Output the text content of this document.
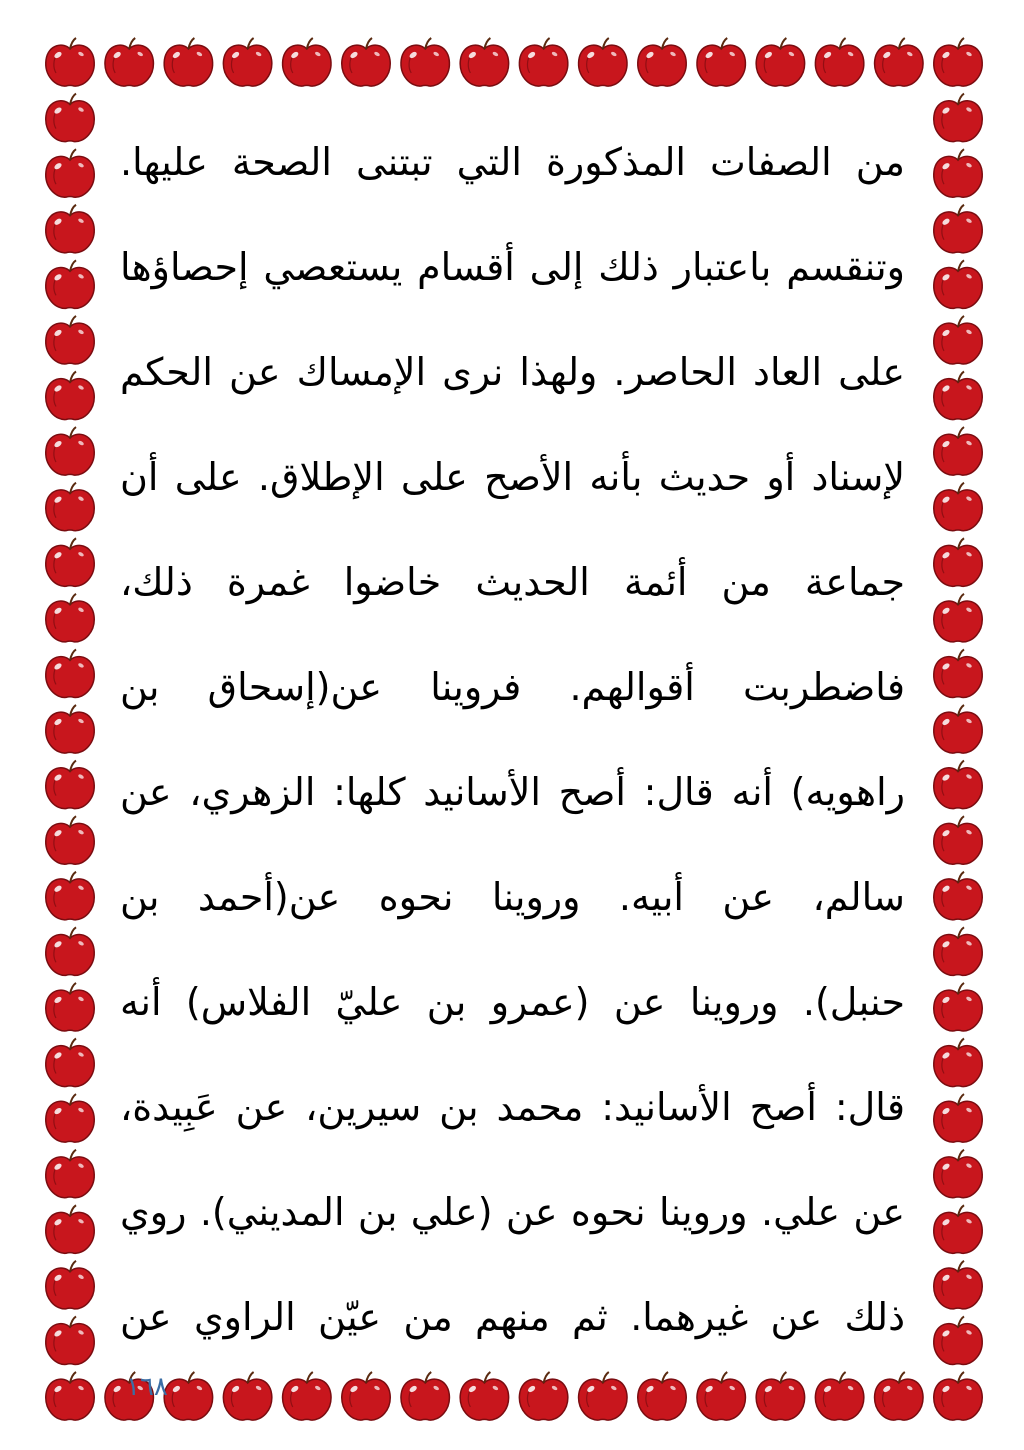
من الصفات المذكورة التي تبتنى الصحة عليها.
وتنقسم باعتبار ذلك إلى أقسام يستعصي إحصاؤها
على العاد الحاصر. ولهذا نرى الإمساك عن الحكم
لإسناد أو حديث بأنه الأصح على الإطلاق. على أن
جماعة من أئمة الحديث خاضوا غمرة ذلك،
فاضطربت أقوالهم. فروينا عن(إسحاق بن
راهويه) أنه قال: أصح الأسانيد كلها: الزهري، عن
سالم، عن أبيه. وروينا نحوه عن(أحمد بن
حنبل). وروينا عن (عمرو بن عليّ الفلاس) أنه
قال: أصح الأسانيد: محمد بن سيرين، عن عَبِيدة،
عن علي. وروينا نحوه عن (علي بن المديني). روي
ذلك عن غيرهما. ثم منهم من عيّن الراوي عن
١٦٨
